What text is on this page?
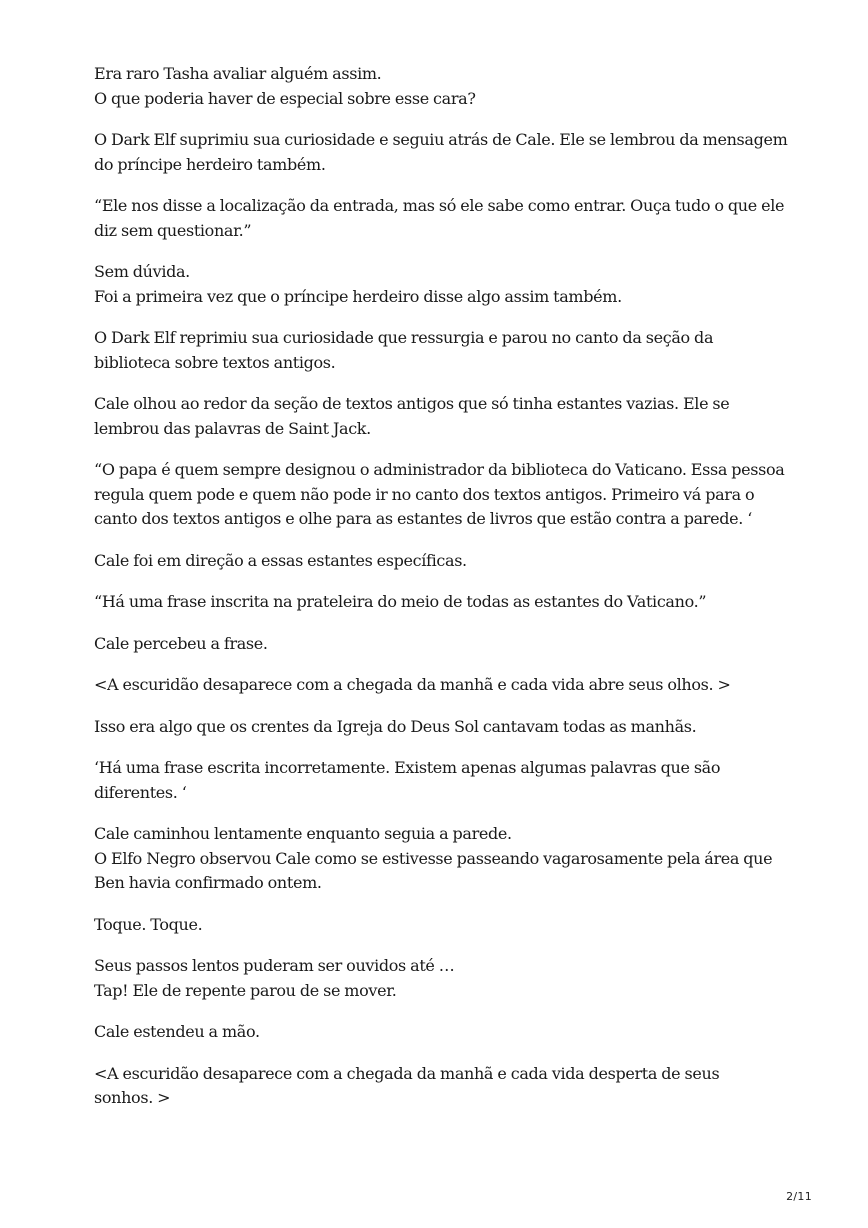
Era raro Tasha avaliar alguém assim.
O que poderia haver de especial sobre esse cara?

O Dark Elf suprimiu sua curiosidade e seguiu atrás de Cale. Ele se lembrou da mensagem
do príncipe herdeiro também.

“Ele nos disse a localização da entrada, mas só ele sabe como entrar. Ouça tudo o que ele
diz sem questionar.”

Sem dúvida.
Foi a primeira vez que o príncipe herdeiro disse algo assim também.

O Dark Elf reprimiu sua curiosidade que ressurgia e parou no canto da seção da
biblioteca sobre textos antigos.

Cale olhou ao redor da seção de textos antigos que só tinha estantes vazias. Ele se
lembrou das palavras de Saint Jack.

“O papa é quem sempre designou o administrador da biblioteca do Vaticano. Essa pessoa
regula quem pode e quem não pode ir no canto dos textos antigos. Primeiro vá para o
canto dos textos antigos e olhe para as estantes de livros que estão contra a parede. ‘

Cale foi em direção a essas estantes específicas.

“Há uma frase inscrita na prateleira do meio de todas as estantes do Vaticano.”

Cale percebeu a frase.

<A escuridão desaparece com a chegada da manhã e cada vida abre seus olhos. >

Isso era algo que os crentes da Igreja do Deus Sol cantavam todas as manhãs.

‘Há uma frase escrita incorretamente. Existem apenas algumas palavras que são
diferentes. ‘

Cale caminhou lentamente enquanto seguia a parede.
O Elfo Negro observou Cale como se estivesse passeando vagarosamente pela área que
Ben havia confirmado ontem.

Toque. Toque.

Seus passos lentos puderam ser ouvidos até …
Tap! Ele de repente parou de se mover.

Cale estendeu a mão.

<A escuridão desaparece com a chegada da manhã e cada vida desperta de seus
sonhos. >

2/11
